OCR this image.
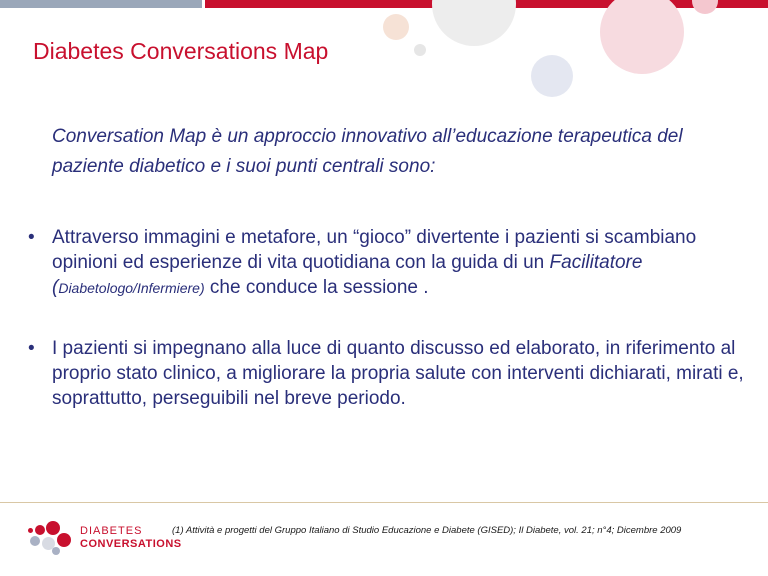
Diabetes Conversations Map

Conversation Map è un approccio innovativo all’educazione terapeutica del paziente diabetico e i suoi punti centrali sono:

• Attraverso immagini e metafore, un “gioco” divertente i pazienti si scambiano opinioni ed esperienze di vita quotidiana con la guida di un Facilitatore (Diabetologo/Infermiere) che conduce la sessione .
• I pazienti si impegnano alla luce di quanto discusso ed elaborato, in riferimento al proprio stato clinico, a migliorare la propria salute con interventi dichiarati, mirati e, soprattutto, perseguibili nel breve periodo.
DIABETES
CONVERSATIONS
(1) Attività e progetti del Gruppo Italiano di Studio Educazione e Diabete (GISED); Il Diabete, vol. 21; n°4; Dicembre 2009
